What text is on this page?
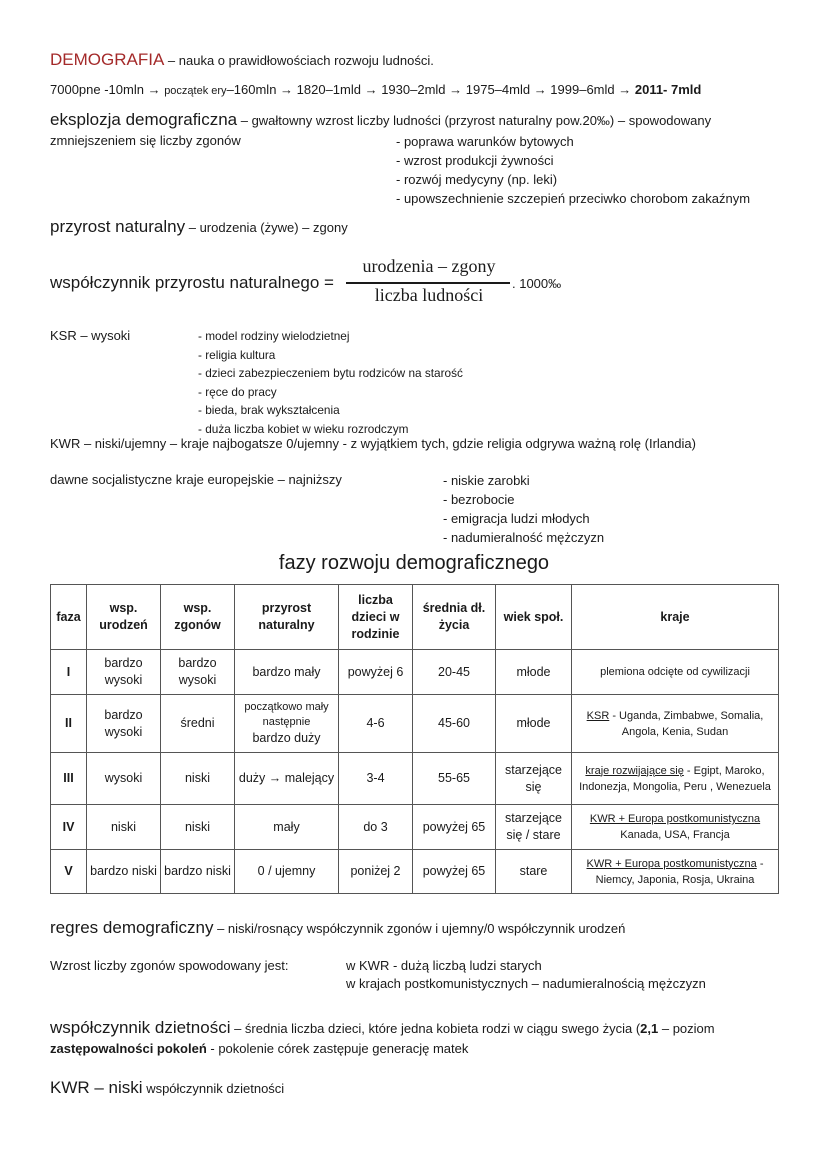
DEMOGRAFIA – nauka o prawidłowościach rozwoju ludności.
7000pne -10mln → początek ery–160mln → 1820–1mld → 1930–2mld → 1975–4mld → 1999–6mld → 2011- 7mld
eksplozja demograficzna – gwałtowny wzrost liczby ludności (przyrost naturalny pow.20‰) – spowodowany
zmniejszeniem się liczby zgonów	- poprawa warunków bytowych
- wzrost produkcji żywności
- rozwój medycyny (np. leki)
- upowszechnienie szczepień przeciwko chorobom zakaźnym
przyrost naturalny – urodzenia (żywe) – zgony
współczynnik przyrostu naturalnego =
urodzenia – zgony
liczba ludności
. 1000‰
KSR – wysoki	- model rodziny wielodzietnej
- religia kultura
- dzieci zabezpieczeniem bytu rodziców na starość
- ręce do pracy
- bieda, brak wykształcenia
- duża liczba kobiet w wieku rozrodczym
KWR – niski/ujemny – kraje najbogatsze 0/ujemny - z wyjątkiem tych, gdzie religia odgrywa ważną rolę (Irlandia)
dawne socjalistyczne kraje europejskie – najniższy	- niskie zarobki
- bezrobocie
- emigracja ludzi młodych
- nadumieralność mężczyzn
fazy rozwoju demograficznego
faza	wsp. urodzeń	wsp. zgonów	przyrost naturalny	liczba dzieci w rodzinie	średnia dł. życia	wiek społ.	kraje
I	bardzo wysoki	bardzo wysoki	bardzo mały	powyżej 6	20-45	młode	plemiona odcięte od cywilizacji
II	bardzo wysoki	średni	początkowo mały następnie
bardzo duży	4-6	45-60	młode	KSR - Uganda, Zimbabwe, Somalia, Angola, Kenia, Sudan
III	wysoki	niski	duży → malejący	3-4	55-65	starzejące się	kraje rozwijające się - Egipt, Maroko, Indonezja, Mongolia, Peru , Wenezuela
IV	niski	niski	mały	do 3	powyżej 65	starzejące się / stare	KWR + Europa postkomunistyczna Kanada, USA, Francja
V	bardzo niski	bardzo niski	0 / ujemny	poniżej 2	powyżej 65	stare	KWR + Europa postkomunistyczna - Niemcy, Japonia, Rosja, Ukraina
regres demograficzny – niski/rosnący współczynnik zgonów i ujemny/0 współczynnik urodzeń
Wzrost liczby zgonów spowodowany jest:	w KWR - dużą liczbą ludzi starych
w krajach postkomunistycznych – nadumieralnością mężczyzn
współczynnik dzietności – średnia liczba dzieci, które jedna kobieta rodzi w ciągu swego życia (2,1 – poziom
zastępowalności pokoleń - pokolenie córek zastępuje generację matek
KWR – niski współczynnik dzietności
